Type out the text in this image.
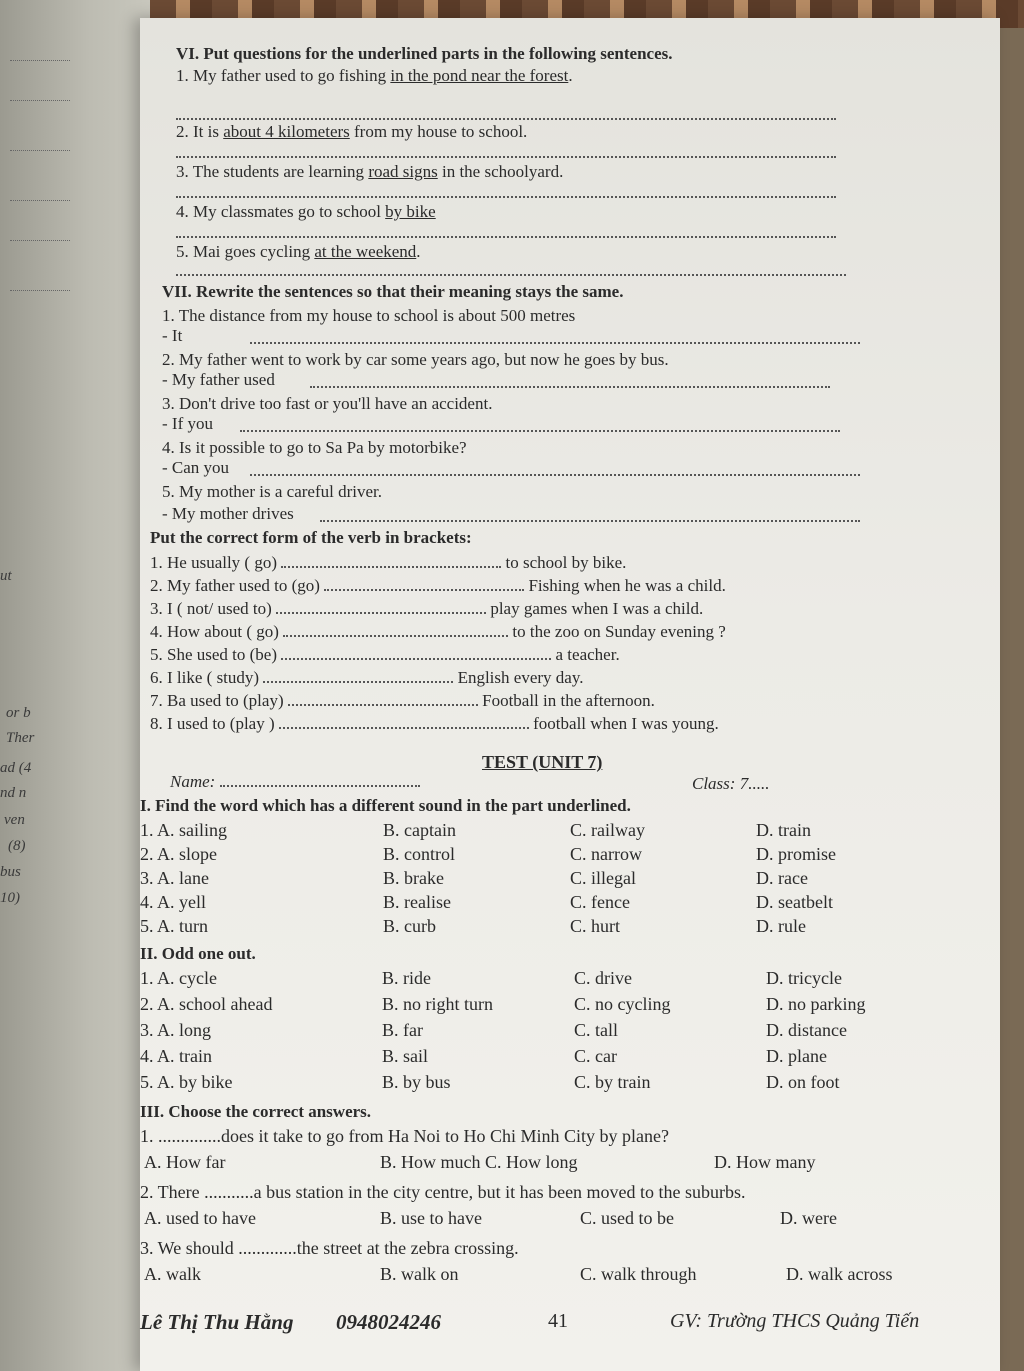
ut
or b
Ther
ad (4
nd n
ven
(8)
bus
10)
VI. Put questions for the underlined parts in the following sentences.
1. My father used to go fishing in the pond near the forest.
2. It is about 4 kilometers from my house to school.
3. The students are learning road signs in the schoolyard.
4. My classmates go to school by bike
5. Mai goes cycling at the weekend.
VII. Rewrite the sentences so that their meaning stays the same.
1. The distance from my house to school is about 500 metres
- It
2. My father went to work by car some years ago, but now he goes by bus.
- My father used
3. Don't drive too fast or you'll have an accident.
- If you
4. Is it possible to go to Sa Pa by motorbike?
- Can you
5. My mother is a careful driver.
- My mother drives
Put the correct form of the verb in brackets:
1. He usually ( go)	to school by bike.
2. My father used to (go)	Fishing when he was a child.
3. I ( not/ used to)	play games when I was a child.
4. How about ( go)	to the zoo on Sunday evening ?
5. She used to (be)	a teacher.
6. I like ( study)	English every day.
7. Ba used to (play)	Football in the afternoon.
8. I used to (play )	football when I was young.
TEST (UNIT 7)
Name:	Class: 7.....
I. Find the word which has a different sound in the part underlined.
1. A. sailing	B. captain	C. railway	D. train
2. A. slope	B. control	C. narrow	D. promise
3. A. lane	B. brake	C. illegal	D. race
4. A. yell	B. realise	C. fence	D. seatbelt
5. A. turn	B. curb	C. hurt	D. rule
II. Odd one out.
1. A. cycle	B. ride	C. drive	D. tricycle
2. A. school ahead	B. no right turn	C. no cycling	D. no parking
3. A. long	B. far	C. tall	D. distance
4. A. train	B. sail	C. car	D. plane
5. A. by bike	B. by bus	C. by train	D. on foot
III. Choose the correct answers.
1. ..............does it take to go from Ha Noi to Ho Chi Minh City by plane?
A. How far	B. How much C. How long	D. How many
2. There ...........a bus station in the city centre, but it has been moved to the suburbs.
A. used to have	B. use to have	C. used to be	D. were
3. We should .............the street at the zebra crossing.
A. walk	B. walk on	C. walk through	D. walk across
Lê Thị Thu Hằng 0948024246	41	GV: Trường THCS Quảng Tiến
